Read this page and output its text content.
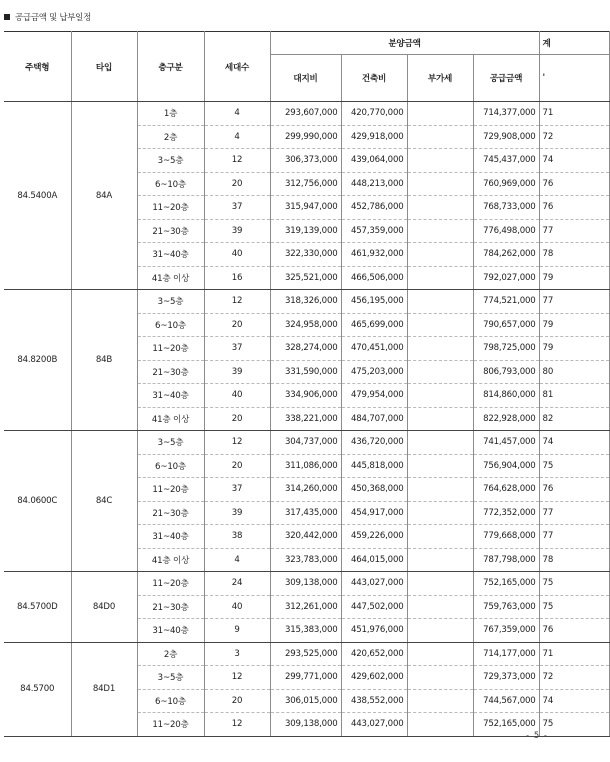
공급금액 및 납부일정
주택형	타입	층구분	세대수	분양금액				계
				대지비	건축비	부가세	공급금액	'
84.5400A	84A	1층	4	293,607,000	420,770,000		714,377,000	71
		2층	4	299,990,000	429,918,000		729,908,000	72
		3~5층	12	306,373,000	439,064,000		745,437,000	74
		6~10층	20	312,756,000	448,213,000		760,969,000	76
		11~20층	37	315,947,000	452,786,000		768,733,000	76
		21~30층	39	319,139,000	457,359,000		776,498,000	77
		31~40층	40	322,330,000	461,932,000		784,262,000	78
		41층 이상	16	325,521,000	466,506,000		792,027,000	79
84.8200B	84B	3~5층	12	318,326,000	456,195,000		774,521,000	77
		6~10층	20	324,958,000	465,699,000		790,657,000	79
		11~20층	37	328,274,000	470,451,000		798,725,000	79
		21~30층	39	331,590,000	475,203,000		806,793,000	80
		31~40층	40	334,906,000	479,954,000		814,860,000	81
		41층 이상	20	338,221,000	484,707,000		822,928,000	82
84.0600C	84C	3~5층	12	304,737,000	436,720,000		741,457,000	74
		6~10층	20	311,086,000	445,818,000		756,904,000	75
		11~20층	37	314,260,000	450,368,000		764,628,000	76
		21~30층	39	317,435,000	454,917,000		772,352,000	77
		31~40층	38	320,442,000	459,226,000		779,668,000	77
		41층 이상	4	323,783,000	464,015,000		787,798,000	78
84.5700D	84D0	11~20층	24	309,138,000	443,027,000		752,165,000	75
		21~30층	40	312,261,000	447,502,000		759,763,000	75
		31~40층	9	315,383,000	451,976,000		767,359,000	76
84.5700	84D1	2층	3	293,525,000	420,652,000		714,177,000	71
		3~5층	12	299,771,000	429,602,000		729,373,000	72
		6~10층	20	306,015,000	438,552,000		744,567,000	74
		11~20층	12	309,138,000	443,027,000		752,165,000	75
- 5 -
